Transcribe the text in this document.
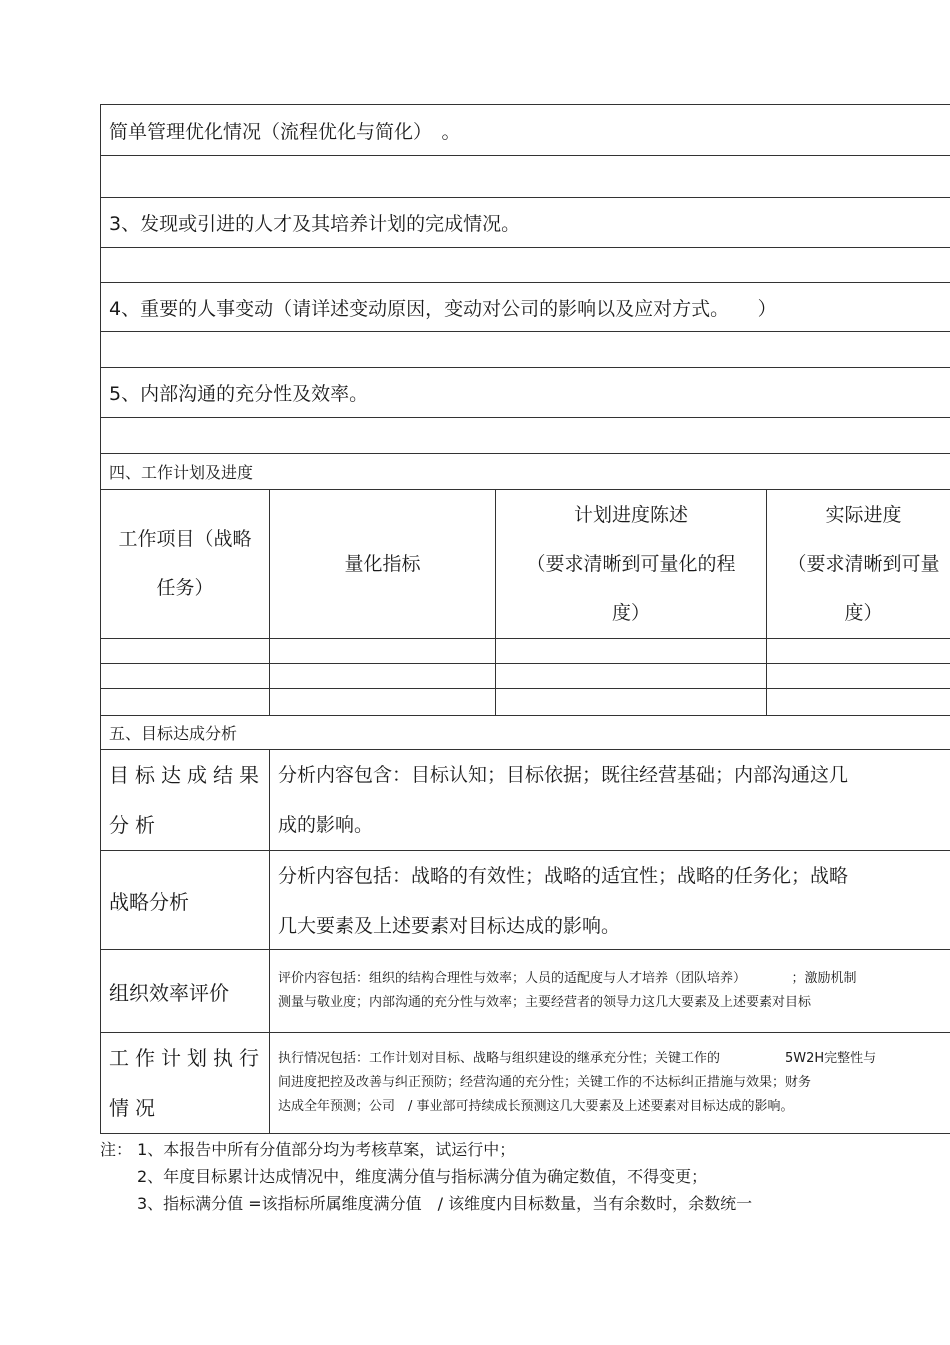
简单管理优化情况（流程优化与简化）　。
3、发现或引进的人才及其培养计划的完成情况。
4、重要的人事变动（请详述变动原因，变动对公司的影响以及应对方式。　　）
5、内部沟通的充分性及效率。
四、工作计划及进度
工作项目（战略
任务）
量化指标
计划进度陈述
（要求清晰到可量化的程
度）
实际进度
（要求清晰到可量
度）
五、目标达成分析
目标达成结果
分析
分析内容包含：目标认知；目标依据；既往经营基础；内部沟通这几
成的影响。
战略分析
分析内容包括：战略的有效性；战略的适宜性；战略的任务化；战略
几大要素及上述要素对目标达成的影响。
组织效率评价
评价内容包括：组织的结构合理性与效率；人员的适配度与人才培养（团队培养）　　　　；激励机制
测量与敬业度；内部沟通的充分性与效率；主要经营者的领导力这几大要素及上述要素对目标
工作计划执行
情况
执行情况包括：工作计划对目标、战略与组织建设的继承充分性；关键工作的　　　　　5W2H完整性与
间进度把控及改善与纠正预防；经营沟通的充分性；关键工作的不达标纠正措施与效果；财务
达成全年预测；公司　/ 事业部可持续成长预测这几大要素及上述要素对目标达成的影响。
注： 1、本报告中所有分值部分均为考核草案，试运行中；
2、年度目标累计达成情况中，维度满分值与指标满分值为确定数值，不得变更；
3、指标满分值 =该指标所属维度满分值　/ 该维度内目标数量，当有余数时，余数统一
